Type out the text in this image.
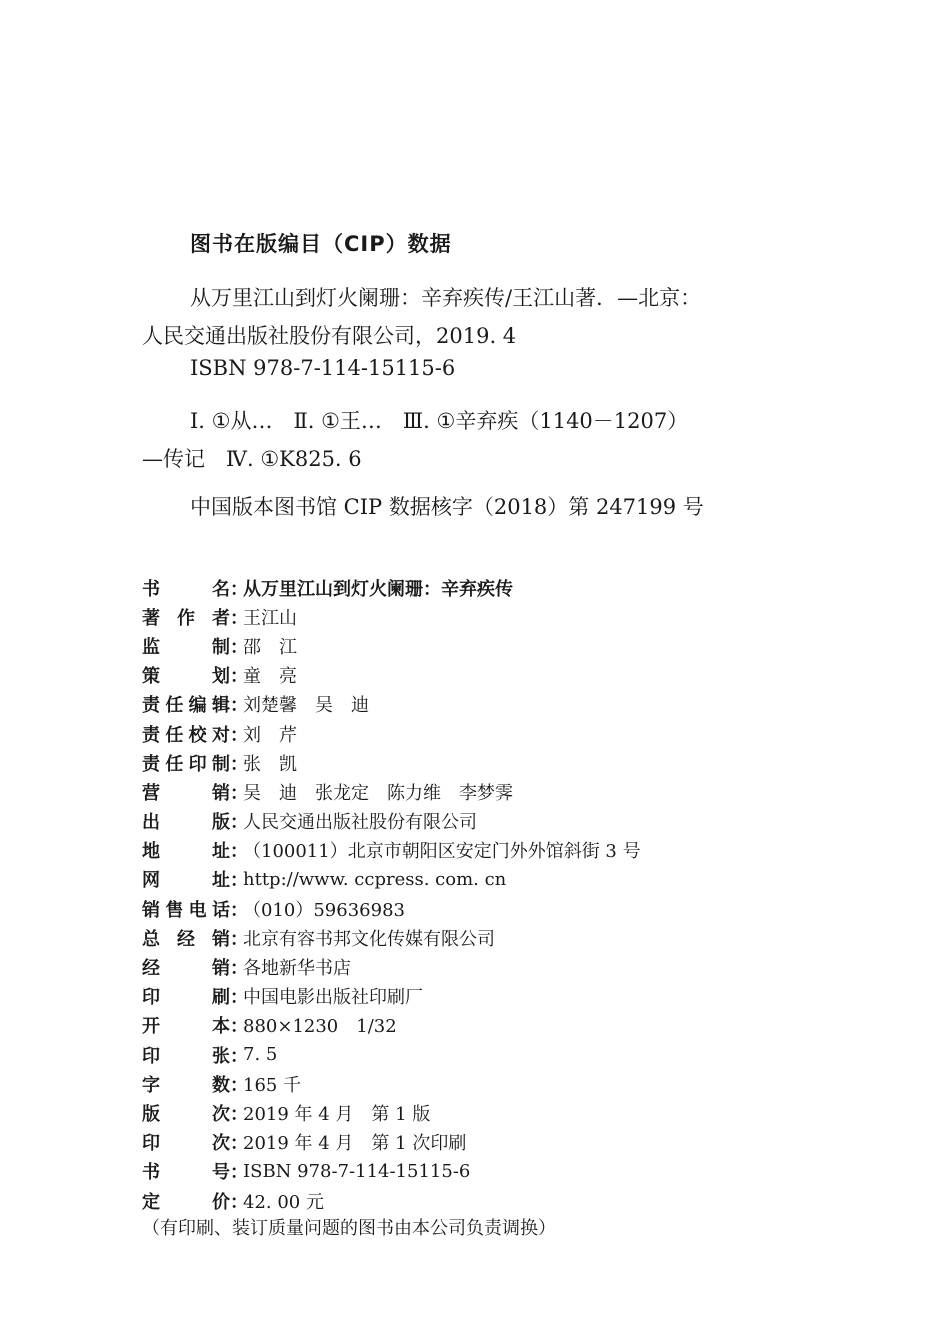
图书在版编目（CIP）数据
从万里江山到灯火阑珊：辛弃疾传/王江山著．—北京：
人民交通出版社股份有限公司，2019. 4
ISBN 978-7-114-15115-6
Ⅰ. ①从…　Ⅱ. ①王…　Ⅲ. ①辛弃疾（1140－1207）
—传记　Ⅳ. ①K825. 6
中国版本图书馆 CIP 数据核字（2018）第 247199 号
书	名 ：
从万里江山到灯火阑珊：辛弃疾传
著 作 者 ：
王江山
监	制 ：
邵　江
策	划 ：
童　亮
责 任 编 辑 ：
刘楚馨　吴　迪
责 任 校 对 ：
刘　芹
责 任 印 制 ：
张　凯
营	销 ：
吴　迪　张龙定　陈力维　李梦霁
出	版 ：
人民交通出版社股份有限公司
地	址 ：
（100011）北京市朝阳区安定门外外馆斜街 3 号
网	址 ：
http://www. ccpress. com. cn
销 售 电 话 ：
（010）59636983
总 经 销 ：
北京有容书邦文化传媒有限公司
经	销 ：
各地新华书店
印	刷 ：
中国电影出版社印刷厂
开	本 ：
880×1230　1/32
印	张 ：
7. 5
字	数 ：
165 千
版	次 ：
2019 年 4 月　第 1 版
印	次 ：
2019 年 4 月　第 1 次印刷
书	号 ：
ISBN 978-7-114-15115-6
定	价 ：
42. 00 元
（有印刷、装订质量问题的图书由本公司负责调换）
